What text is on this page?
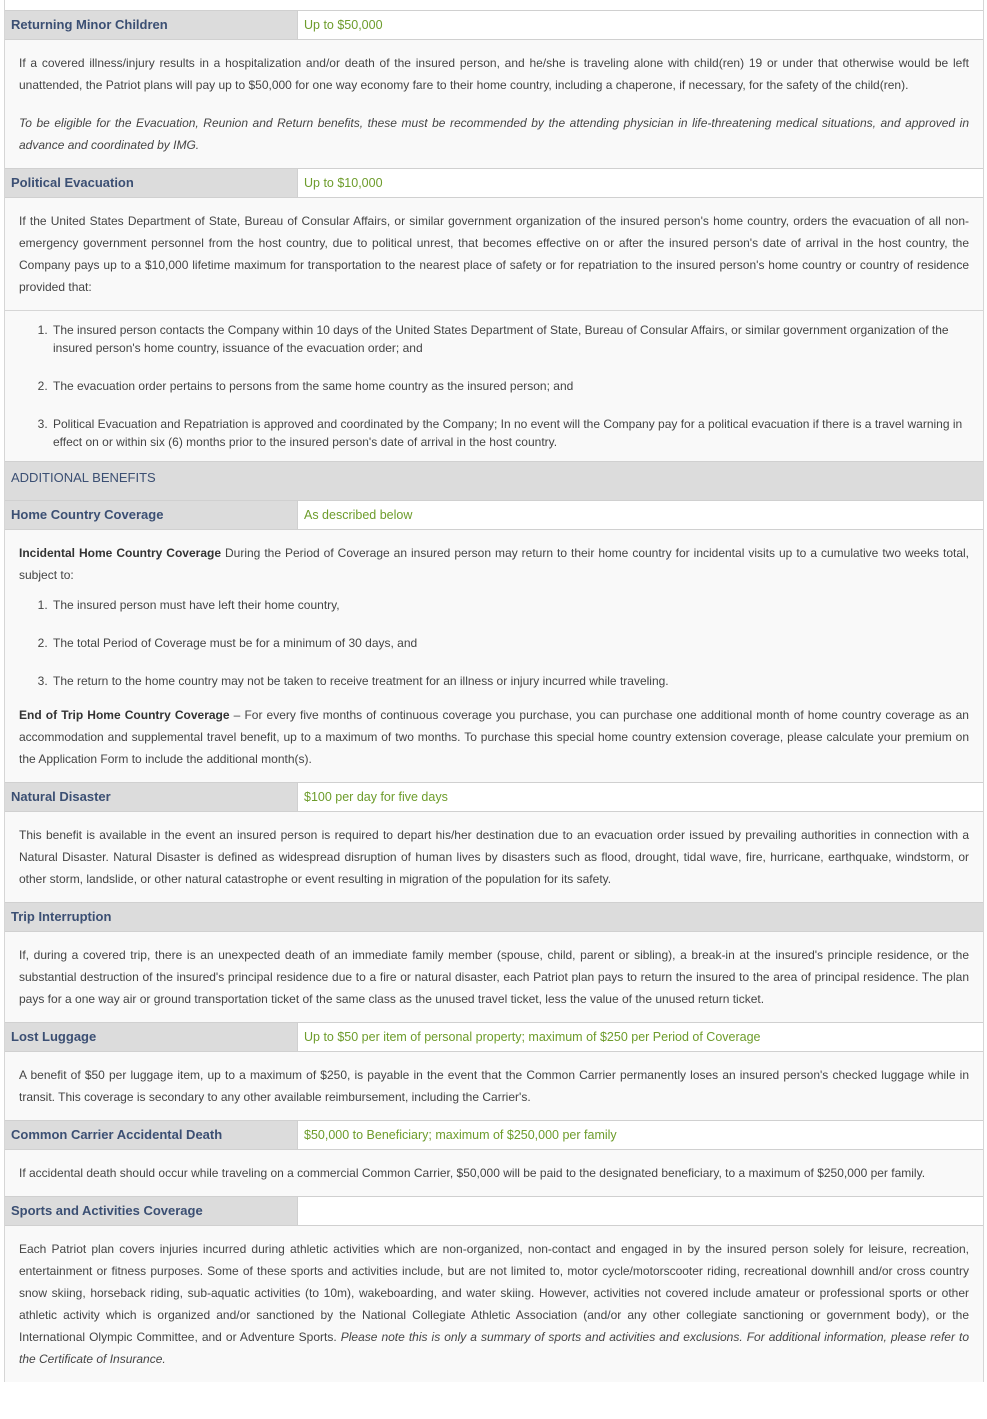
Returning Minor Children	Up to $50,000

If a covered illness/injury results in a hospitalization and/or death of the insured person, and he/she is traveling alone with child(ren) 19 or under that otherwise would be left unattended, the Patriot plans will pay up to $50,000 for one way economy fare to their home country, including a chaperone, if necessary, for the safety of the child(ren).

To be eligible for the Evacuation, Reunion and Return benefits, these must be recommended by the attending physician in life-threatening medical situations, and approved in advance and coordinated by IMG.

Political Evacuation	Up to $10,000

If the United States Department of State, Bureau of Consular Affairs, or similar government organization of the insured person's home country, orders the evacuation of all non-emergency government personnel from the host country, due to political unrest, that becomes effective on or after the insured person's date of arrival in the host country, the Company pays up to a $10,000 lifetime maximum for transportation to the nearest place of safety or for repatriation to the insured person's home country or country of residence provided that:

1. The insured person contacts the Company within 10 days of the United States Department of State, Bureau of Consular Affairs, or similar government organization of the insured person's home country, issuance of the evacuation order; and
2. The evacuation order pertains to persons from the same home country as the insured person; and
3. Political Evacuation and Repatriation is approved and coordinated by the Company; In no event will the Company pay for a political evacuation if there is a travel warning in effect on or within six (6) months prior to the insured person's date of arrival in the host country.
ADDITIONAL BENEFITS
Home Country Coverage	As described below

Incidental Home Country Coverage During the Period of Coverage an insured person may return to their home country for incidental visits up to a cumulative two weeks total, subject to:

1. The insured person must have left their home country,
2. The total Period of Coverage must be for a minimum of 30 days, and
3. The return to the home country may not be taken to receive treatment for an illness or injury incurred while traveling.

End of Trip Home Country Coverage – For every five months of continuous coverage you purchase, you can purchase one additional month of home country coverage as an accommodation and supplemental travel benefit, up to a maximum of two months. To purchase this special home country extension coverage, please calculate your premium on the Application Form to include the additional month(s).

Natural Disaster	$100 per day for five days

This benefit is available in the event an insured person is required to depart his/her destination due to an evacuation order issued by prevailing authorities in connection with a Natural Disaster. Natural Disaster is defined as widespread disruption of human lives by disasters such as flood, drought, tidal wave, fire, hurricane, earthquake, windstorm, or other storm, landslide, or other natural catastrophe or event resulting in migration of the population for its safety.

Trip Interruption

If, during a covered trip, there is an unexpected death of an immediate family member (spouse, child, parent or sibling), a break-in at the insured's principle residence, or the substantial destruction of the insured's principal residence due to a fire or natural disaster, each Patriot plan pays to return the insured to the area of principal residence. The plan pays for a one way air or ground transportation ticket of the same class as the unused travel ticket, less the value of the unused return ticket.

Lost Luggage	Up to $50 per item of personal property; maximum of $250 per Period of Coverage

A benefit of $50 per luggage item, up to a maximum of $250, is payable in the event that the Common Carrier permanently loses an insured person's checked luggage while in transit. This coverage is secondary to any other available reimbursement, including the Carrier's.

Common Carrier Accidental Death	$50,000 to Beneficiary; maximum of $250,000 per family

If accidental death should occur while traveling on a commercial Common Carrier, $50,000 will be paid to the designated beneficiary, to a maximum of $250,000 per family.

Sports and Activities Coverage

Each Patriot plan covers injuries incurred during athletic activities which are non-organized, non-contact and engaged in by the insured person solely for leisure, recreation, entertainment or fitness purposes. Some of these sports and activities include, but are not limited to, motor cycle/motorscooter riding, recreational downhill and/or cross country snow skiing, horseback riding, sub-aquatic activities (to 10m), wakeboarding, and water skiing. However, activities not covered include amateur or professional sports or other athletic activity which is organized and/or sanctioned by the National Collegiate Athletic Association (and/or any other collegiate sanctioning or government body), or the International Olympic Committee, and or Adventure Sports. Please note this is only a summary of sports and activities and exclusions. For additional information, please refer to the Certificate of Insurance.
